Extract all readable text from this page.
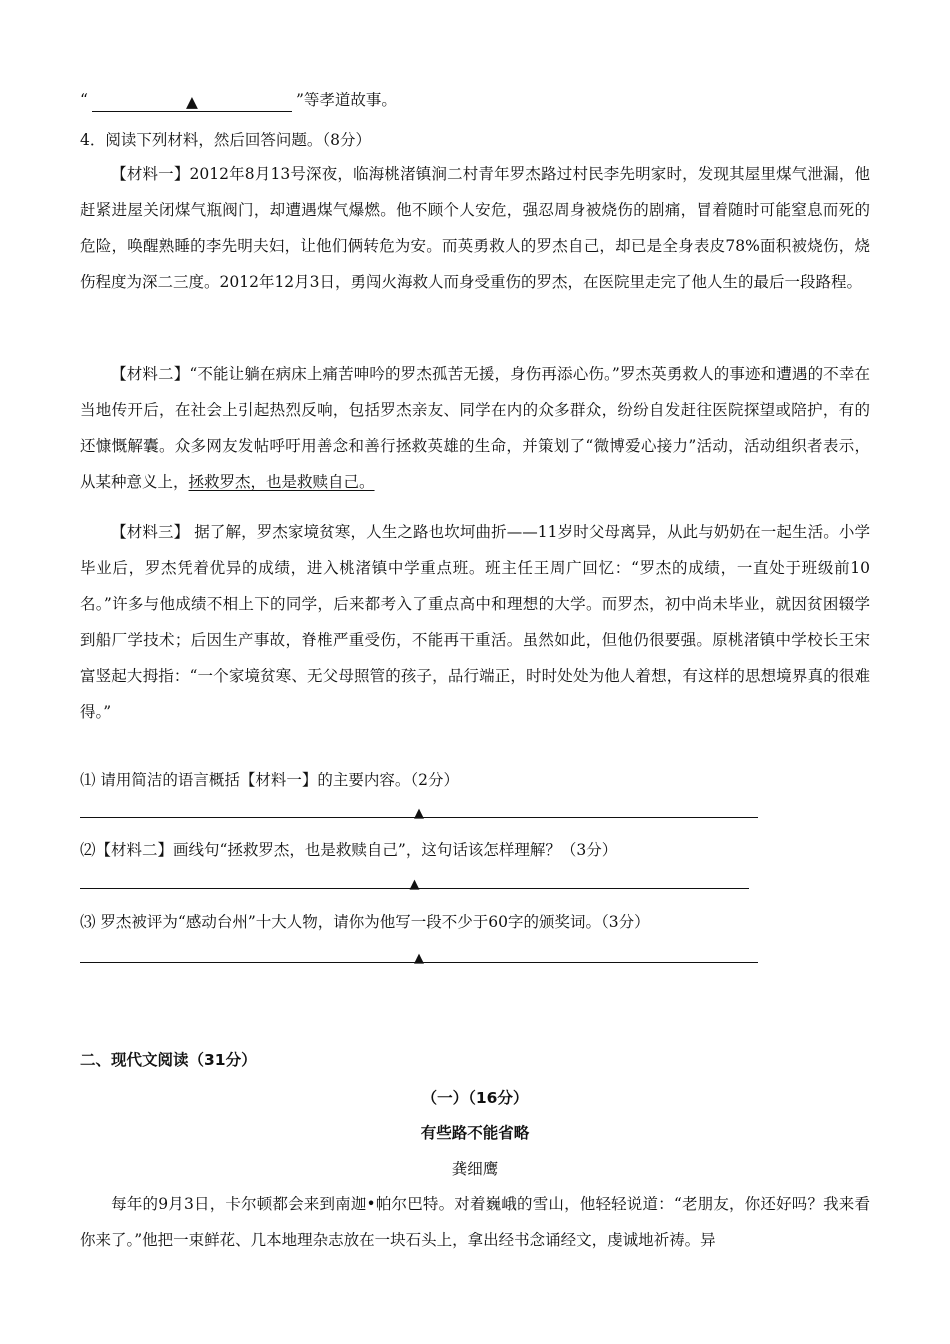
“	▲	”等孝道故事。
4．阅读下列材料，然后回答问题。（8分）
【材料一】2012年8月13号深夜，临海桃渚镇涧二村青年罗杰路过村民李先明家时，发现其屋里煤气泄漏，他赶紧进屋关闭煤气瓶阀门，却遭遇煤气爆燃。他不顾个人安危，强忍周身被烧伤的剧痛，冒着随时可能窒息而死的危险，唤醒熟睡的李先明夫妇，让他们俩转危为安。而英勇救人的罗杰自己，却已是全身表皮78%面积被烧伤，烧伤程度为深二三度。2012年12月3日，勇闯火海救人而身受重伤的罗杰，在医院里走完了他人生的最后一段路程。
【材料二】“不能让躺在病床上痛苦呻吟的罗杰孤苦无援，身伤再添心伤。”罗杰英勇救人的事迹和遭遇的不幸在当地传开后，在社会上引起热烈反响，包括罗杰亲友、同学在内的众多群众，纷纷自发赶往医院探望或陪护，有的还慷慨解囊。众多网友发帖呼吁用善念和善行拯救英雄的生命，并策划了“微博爱心接力”活动，活动组织者表示，从某种意义上，拯救罗杰，也是救赎自己。
【材料三】 据了解，罗杰家境贫寒，人生之路也坎坷曲折——11岁时父母离异，从此与奶奶在一起生活。小学毕业后，罗杰凭着优异的成绩，进入桃渚镇中学重点班。班主任王周广回忆：“罗杰的成绩，一直处于班级前10名。”许多与他成绩不相上下的同学，后来都考入了重点高中和理想的大学。而罗杰，初中尚未毕业，就因贫困辍学到船厂学技术；后因生产事故，脊椎严重受伤，不能再干重活。虽然如此，但他仍很要强。原桃渚镇中学校长王宋富竖起大拇指：“一个家境贫寒、无父母照管的孩子，品行端正，时时处处为他人着想，有这样的思想境界真的很难得。”
⑴ 请用简洁的语言概括【材料一】的主要内容。（2分）
▲
⑵【材料二】画线句“拯救罗杰，也是救赎自己”，这句话该怎样理解？（3分）
▲
⑶ 罗杰被评为“感动台州”十大人物，请你为他写一段不少于60字的颁奖词。（3分）
▲
二、现代文阅读（31分）
（一）（16分）
有些路不能省略
龚细鹰
每年的9月3日，卡尔顿都会来到南迦•帕尔巴特。对着巍峨的雪山，他轻轻说道：“老朋友，你还好吗？我来看你来了。”他把一束鲜花、几本地理杂志放在一块石头上，拿出经书念诵经文，虔诚地祈祷。异
